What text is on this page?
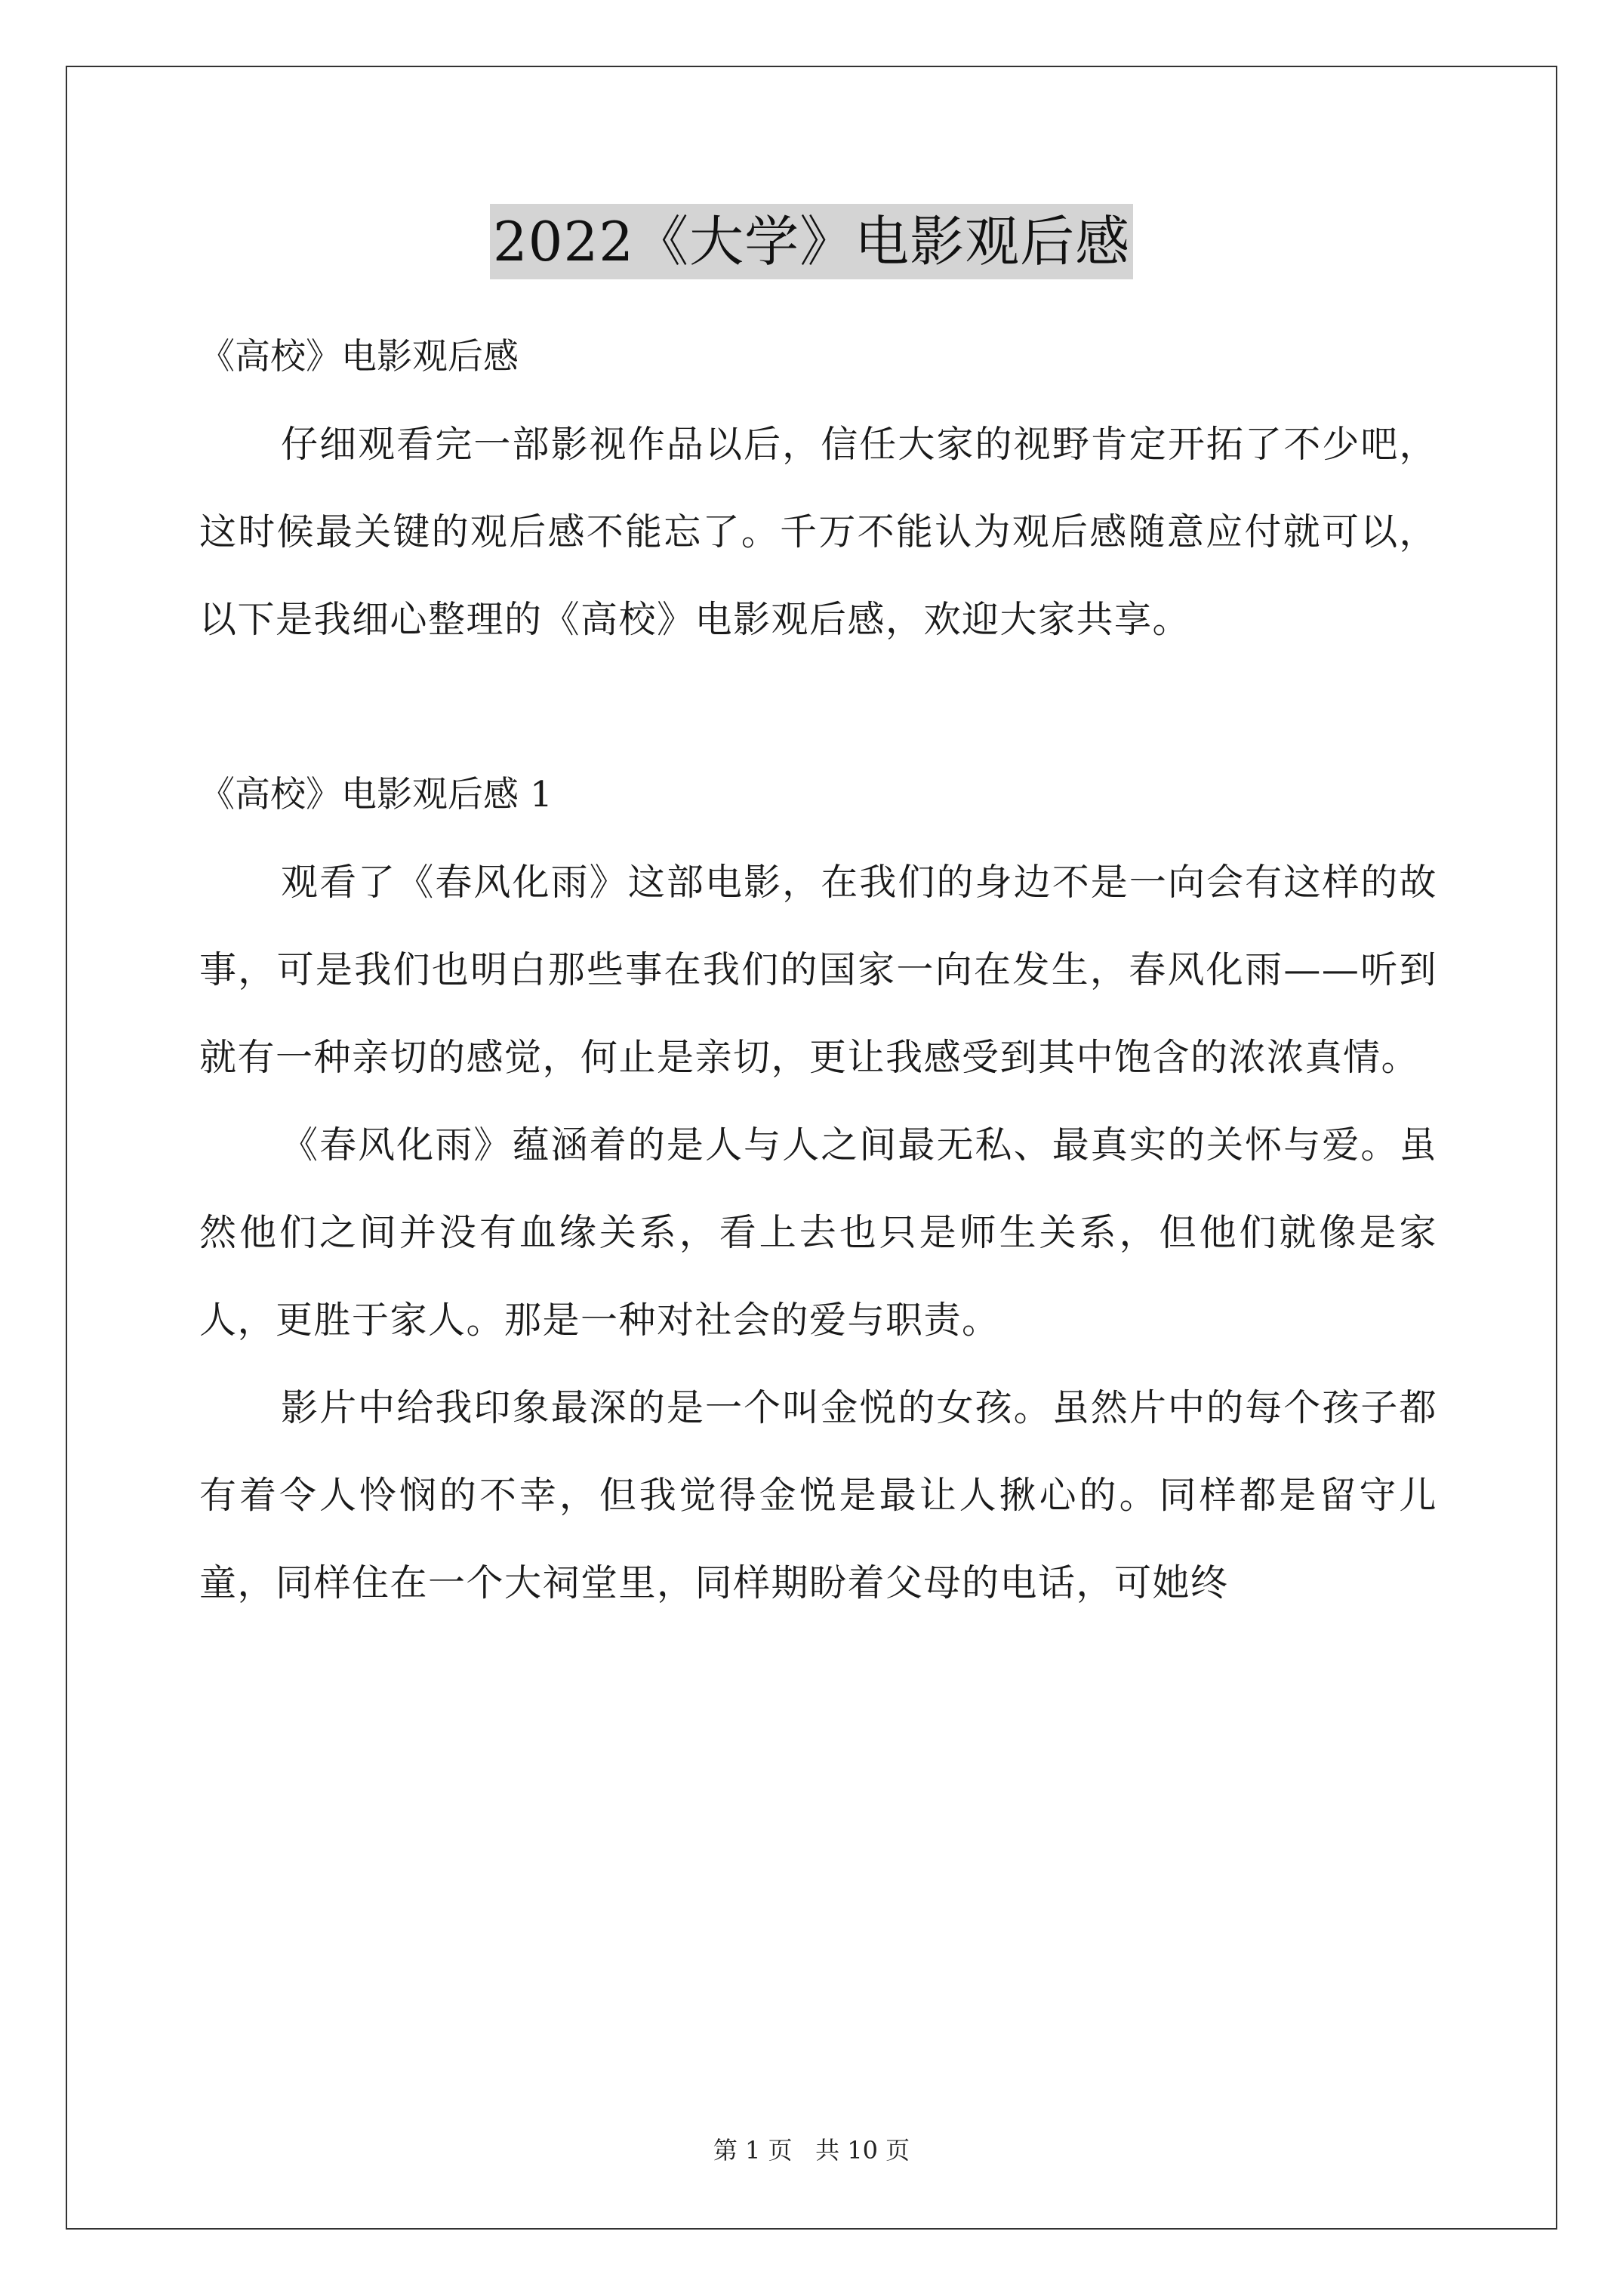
2022《大学》电影观后感

《高校》电影观后感

仔细观看完一部影视作品以后，信任大家的视野肯定开拓了不少吧，这时候最关键的观后感不能忘了。千万不能认为观后感随意应付就可以，以下是我细心整理的《高校》电影观后感，欢迎大家共享。

《高校》电影观后感 1

观看了《春风化雨》这部电影，在我们的身边不是一向会有这样的故事，可是我们也明白那些事在我们的国家一向在发生，春风化雨——听到就有一种亲切的感觉，何止是亲切，更让我感受到其中饱含的浓浓真情。

《春风化雨》蕴涵着的是人与人之间最无私、最真实的关怀与爱。虽然他们之间并没有血缘关系，看上去也只是师生关系，但他们就像是家人，更胜于家人。那是一种对社会的爱与职责。

影片中给我印象最深的是一个叫金悦的女孩。虽然片中的每个孩子都有着令人怜悯的不幸，但我觉得金悦是最让人揪心的。同样都是留守儿童，同样住在一个大祠堂里，同样期盼着父母的电话，可她终

第 1 页   共 10 页
